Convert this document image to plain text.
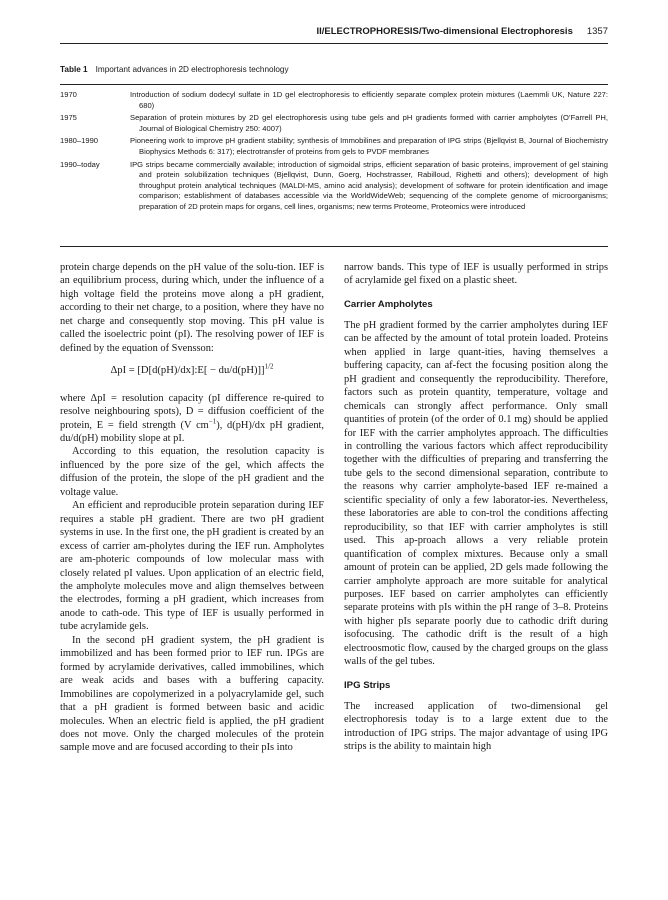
II/ELECTROPHORESIS/Two-dimensional Electrophoresis 1357
Table 1 Important advances in 2D electrophoresis technology
1970	Introduction of sodium dodecyl sulfate in 1D gel electrophoresis to efficiently separate complex protein mixtures (Laemmli UK, Nature 227: 680)
1975	Separation of protein mixtures by 2D gel electrophoresis using tube gels and pH gradients formed with carrier ampholytes (O’Farrell PH, Journal of Biological Chemistry 250: 4007)
1980–1990	Pioneering work to improve pH gradient stability; synthesis of Immobilines and preparation of IPG strips (Bjellqvist B, Journal of Biochemistry Biophysics Methods 6: 317); electrotransfer of proteins from gels to PVDF membranes
1990–today	IPG strips became commercially available; introduction of sigmoidal strips, efficient separation of basic proteins, improvement of gel staining and protein solubilization techniques (Bjellqvist, Dunn, Goerg, Hochstrasser, Rabilloud, Righetti and others); development of high throughput protein analytical techniques (MALDI-MS, amino acid analysis); development of software for protein identification and image comparison; establishment of databases accessible via the WorldWideWeb; sequencing of the complete genome of microorganisms; preparation of 2D protein maps for organs, cell lines, organisms; new terms Proteome, Proteomics were introduced

protein charge depends on the pH value of the solu-tion. IEF is an equilibrium process, during which, under the influence of a high voltage field the proteins move along a pH gradient, according to their net charge, to a position, where they have no net charge and consequently stop moving. This pH value is called the isoelectric point (pI). The resolving power of IEF is defined by the equation of Svensson:

ΔpI = [D[d(pH)/dx]:E[ − du/d(pH)]]$^{1/2}$

where ΔpI = resolution capacity (pI difference re-quired to resolve neighbouring spots), D = diffusion coefficient of the protein, E = field strength (V $cm^{-1}$), d(pH)/dx pH gradient, du/d(pH) mobility slope at pI.

According to this equation, the resolution capacity is influenced by the pore size of the gel, which affects the diffusion of the protein, the slope of the pH gradient and the voltage value.

An efficient and reproducible protein separation during IEF requires a stable pH gradient. There are two pH gradient systems in use. In the first one, the pH gradient is created by an excess of carrier am-pholytes during the IEF run. Ampholytes are am-photeric compounds of low molecular mass with closely related pI values. Upon application of an electric field, the ampholyte molecules move and align themselves between the electrodes, forming a pH gradient, which increases from anode to cath-ode. This type of IEF is usually performed in tube acrylamide gels.

In the second pH gradient system, the pH gradient is immobilized and has been formed prior to IEF run. IPGs are formed by acrylamide derivatives, called immobilines, which are weak acids and bases with a buffering capacity. Immobilines are copolymerized in a polyacrylamide gel, such that a pH gradient is formed between basic and acidic molecules. When an electric field is applied, the pH gradient does not move. Only the charged molecules of the protein sample move and are focused according to their pIs into

narrow bands. This type of IEF is usually performed in strips of acrylamide gel fixed on a plastic sheet.

Carrier Ampholytes

The pH gradient formed by the carrier ampholytes during IEF can be affected by the amount of total protein loaded. Proteins when applied in large quant-ities, having themselves a buffering capacity, can af-fect the focusing position along the pH gradient and consequently the reproducibility. Therefore, factors such as protein quantity, temperature, voltage and chemicals can strongly affect performance. Only small quantities of protein (of the order of 0.1 mg) should be applied for IEF with the carrier ampholytes approach. The difficulties in controlling the various factors which affect reproducibility together with the difficulties of preparing and transferring the tube gels to the second dimensional separation, contribute to the reasons why carrier ampholyte-based IEF re-mained a scientific speciality of only a few laborator-ies. Nevertheless, these laboratories are able to con-trol the conditions affecting reproducibility, so that IEF with carrier ampholytes is still used. This ap-proach allows a very reliable protein quantification of complex mixtures. Because only a small amount of protein can be applied, 2D gels made following the carrier ampholyte approach are more suitable for analytical purposes. IEF based on carrier ampholytes can efficiently separate proteins with pIs within the pH range of 3–8. Proteins with higher pIs separate poorly due to cathodic drift during isofocusing. The cathodic drift is the result of a high electroosmotic flow, caused by the charged groups on the glass walls of the gel tubes.

IPG Strips

The increased application of two-dimensional gel electrophoresis today is to a large extent due to the introduction of IPG strips. The major advantage of using IPG strips is the ability to maintain high
